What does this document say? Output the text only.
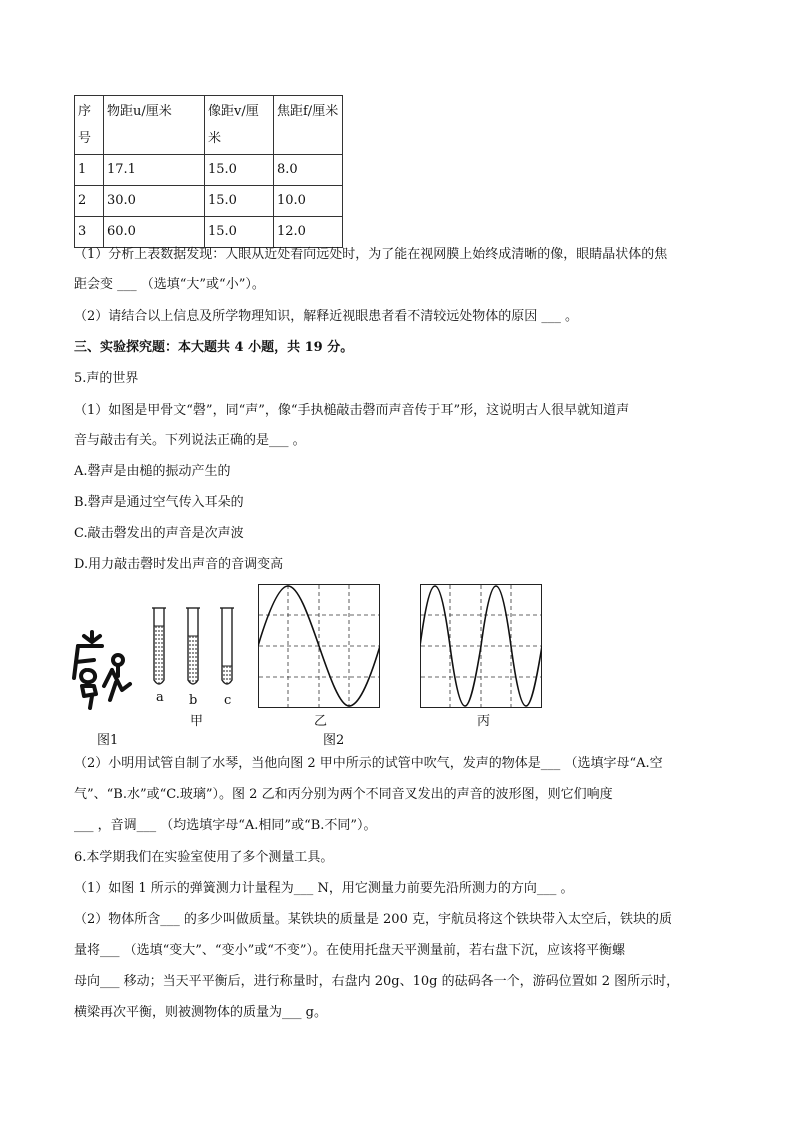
序号	物距u/厘米	像距v/厘米	焦距f/厘米
1	17.1	15.0	8.0
2	30.0	15.0	10.0
3	60.0	15.0	12.0
（1）分析上表数据发现：人眼从近处看向远处时，为了能在视网膜上始终成清晰的像，眼睛晶状体的焦
距会变 ___ （选填“大”或“小”）。
（2）请结合以上信息及所学物理知识，解释近视眼患者看不清较远处物体的原因 ___ 。
三、实验探究题：本大题共 4 小题，共 19 分。
5.声的世界
（1）如图是甲骨文“磬”，同“声”，像“手执槌敲击磬而声音传于耳”形，这说明古人很早就知道声
音与敲击有关。下列说法正确的是___ 。
A.磬声是由槌的振动产生的
B.磬声是通过空气传入耳朵的
C.敲击磬发出的声音是次声波
D.用力敲击磬时发出声音的音调变高
a b c
甲	乙	丙
图1	图2
（2）小明用试管自制了水琴，当他向图 2 甲中所示的试管中吹气，发声的物体是___ （选填字母“A.空
气”、“B.水”或“C.玻璃”）。图 2 乙和丙分别为两个不同音叉发出的声音的波形图，则它们响度
___ ，音调___ （均选填字母“A.相同”或“B.不同”）。
6.本学期我们在实验室使用了多个测量工具。
（1）如图 1 所示的弹簧测力计量程为___ N，用它测量力前要先沿所测力的方向___ 。
（2）物体所含___ 的多少叫做质量。某铁块的质量是 200 克，宇航员将这个铁块带入太空后，铁块的质
量将___ （选填“变大”、“变小”或“不变”）。在使用托盘天平测量前，若右盘下沉，应该将平衡螺
母向___ 移动；当天平平衡后，进行称量时，右盘内 20g、10g 的砝码各一个，游码位置如 2 图所示时，
横梁再次平衡，则被测物体的质量为___ g。
